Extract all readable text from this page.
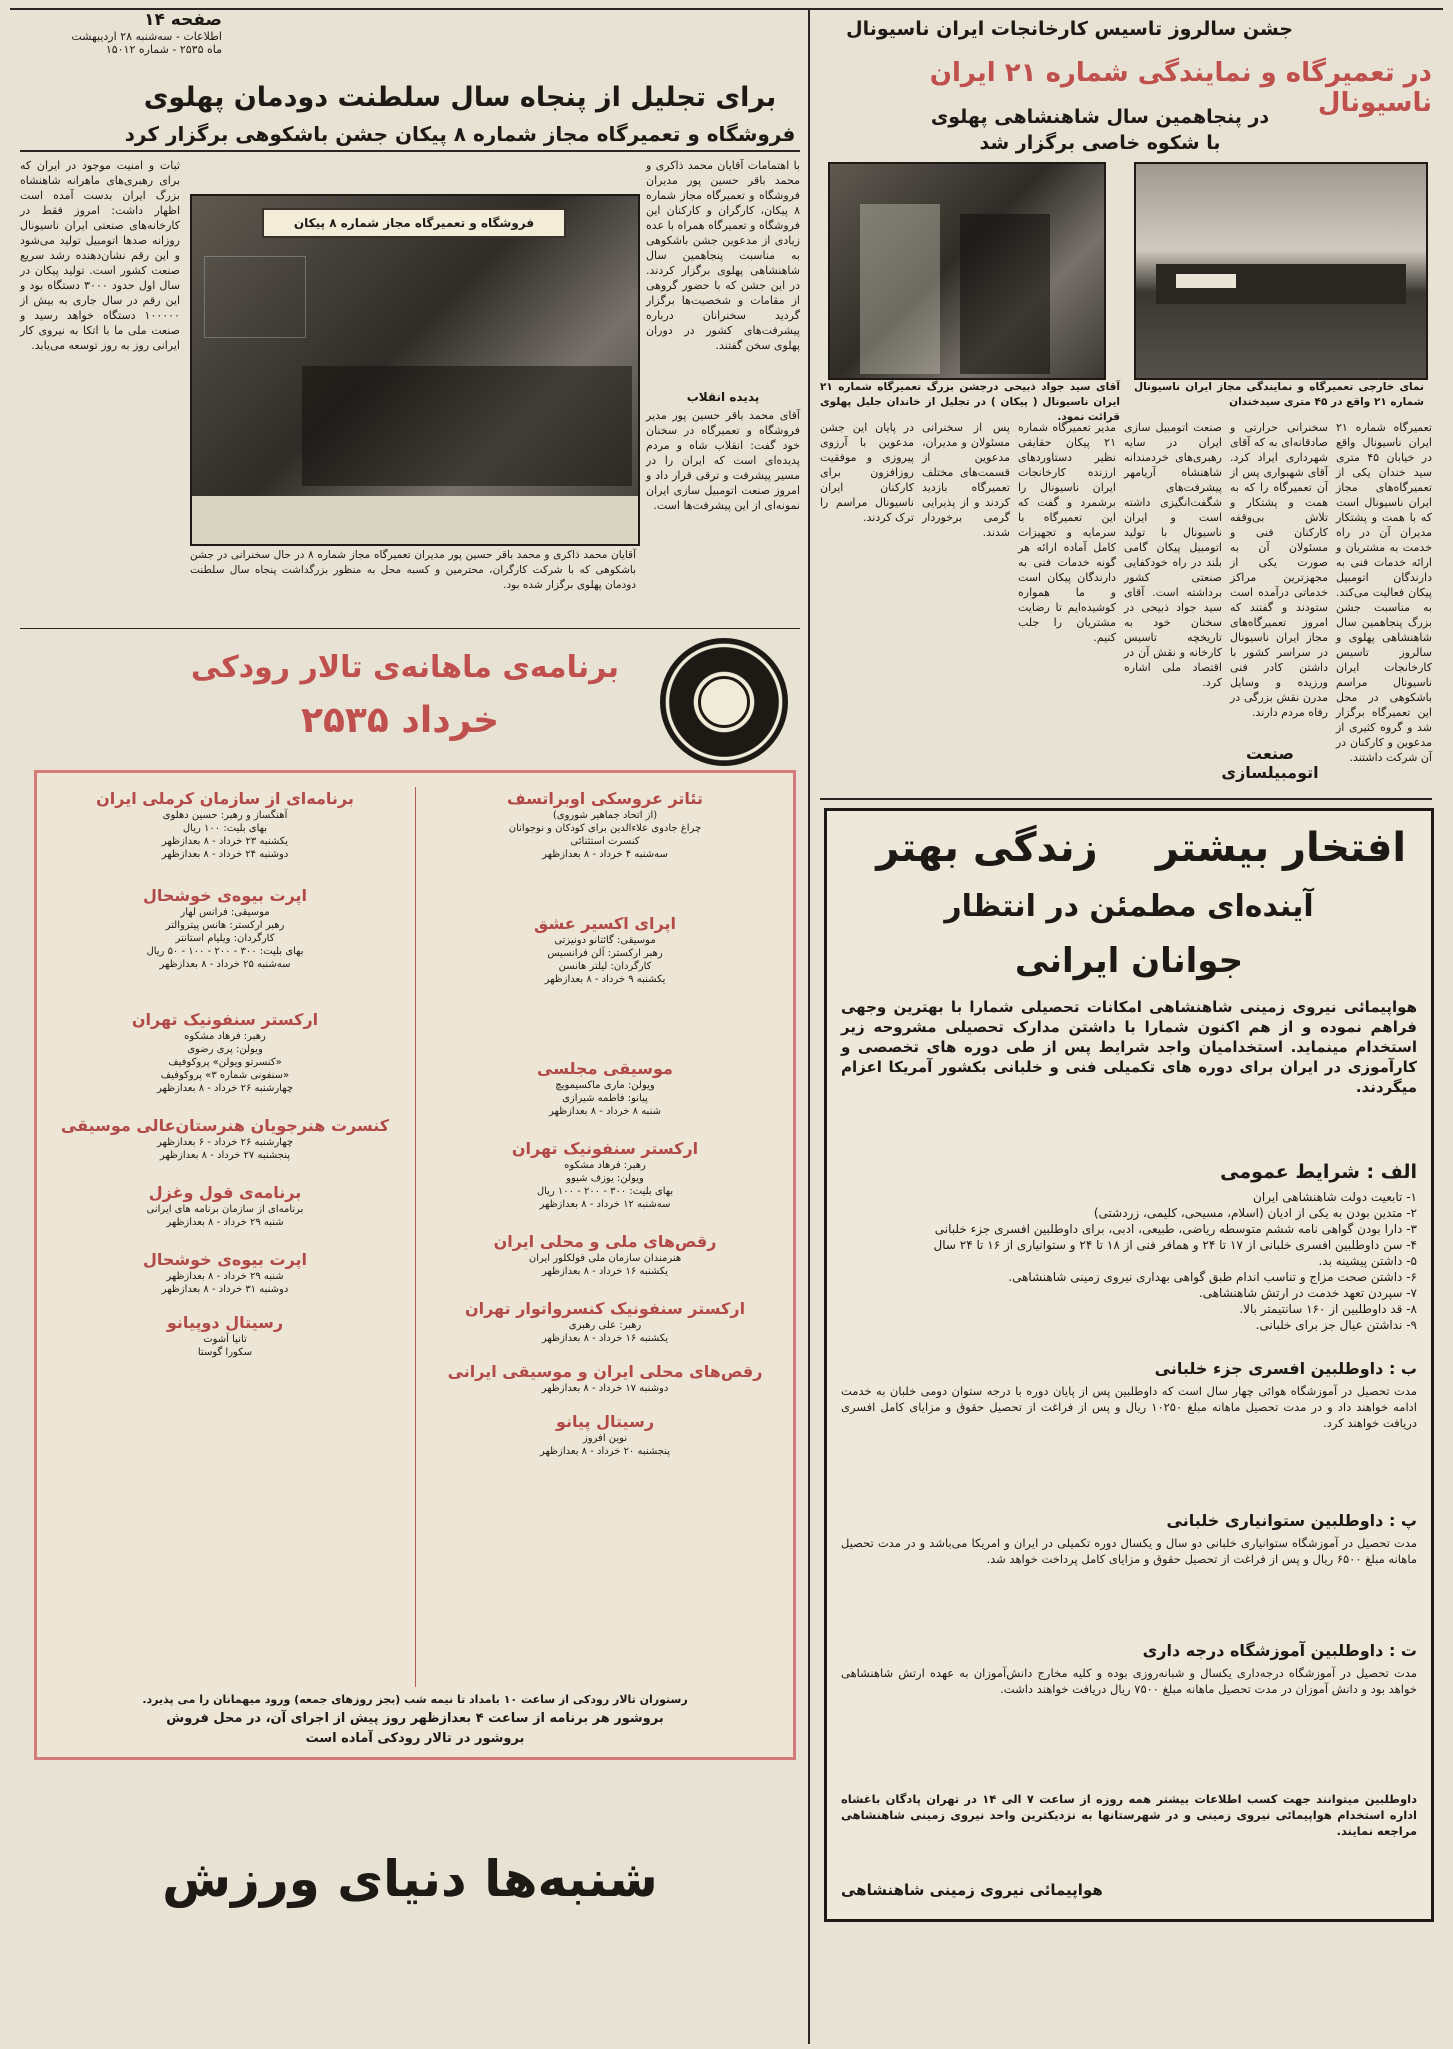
صفحه ۱۴
اطلاعات - سه‌شنبه ۲۸ اردیبهشت
ماه ۲۵۳۵ - شماره ۱۵۰۱۲
برای تجلیل از پنجاه سال سلطنت دودمان پهلوی
فروشگاه و تعمیرگاه مجاز شماره ۸ پیکان جشن باشکوهی برگزار کرد
ثبات و امنیت موجود در ایران که برای رهبری‌های ماهرانه شاهنشاه بزرگ ایران بدست آمده است اظهار داشت: امروز فقط در کارخانه‌های صنعتی ایران ناسیونال روزانه صدها اتومبیل تولید می‌شود و این رقم نشان‌دهنده رشد سریع صنعت کشور است. تولید پیکان در سال اول حدود ۳۰۰۰ دستگاه بود و این رقم در سال جاری به بیش از ۱۰۰۰۰۰ دستگاه خواهد رسید و صنعت ملی ما با اتکا به نیروی کار ایرانی روز به روز توسعه می‌یابد.
فروشگاه و تعمیرگاه مجاز شماره ۸ پیکان
با اهتمامات آقایان محمد ذاکری و محمد باقر حسین پور مدیران فروشگاه و تعمیرگاه مجاز شماره ۸ پیکان، کارگران و کارکنان این فروشگاه و تعمیرگاه همراه با عده زیادی از مدعوین جشن باشکوهی به مناسبت پنجاهمین سال شاهنشاهی پهلوی برگزار کردند. در این جشن که با حضور گروهی از مقامات و شخصیت‌ها برگزار گردید سخنرانان درباره پیشرفت‌های کشور در دوران پهلوی سخن گفتند.
پدیده انقلاب
آقای محمد باقر حسین پور مدیر فروشگاه و تعمیرگاه در سخنان خود گفت: انقلاب شاه و مردم پدیده‌ای است که ایران را در مسیر پیشرفت و ترقی قرار داد و امروز صنعت اتومبیل سازی ایران نمونه‌ای از این پیشرفت‌ها است.
آقایان محمد ذاکری و محمد باقر حسین پور مدیران تعمیرگاه مجاز شماره ۸ در حال سخنرانی در جشن باشکوهی که با شرکت کارگران، محترمین و کسبه محل به منظور بزرگداشت پنجاه سال سلطنت دودمان پهلوی برگزار شده بود.
برنامه‌ی ماهانه‌ی تالار رودکی
خرداد ۲۵۳۵
تئاتر عروسکی اوبراتسف
(از اتحاد جماهیر شوروی)
چراغ جادوی علاءالدین برای کودکان و نوجوانان
کنسرت استثنائی
سه‌شنبه ۴ خرداد - ۸ بعدازظهر
اپرای اکسیر عشق
موسیقی: گائتانو دونیزتی
رهبر ارکستر: آلن فرانسیس
کارگردان: لیلتر هانسن
یکشنبه ۹ خرداد - ۸ بعدازظهر
موسیقی مجلسی
ویولن: ماری ماکسیمویچ
پیانو: فاطمه شیرازی
شنبه ۸ خرداد - ۸ بعدازظهر
ارکستر سنفونیک تهران
رهبر: فرهاد مشکوه
ویولن: یوزف شیوو
بهای بلیت: ۳۰۰ - ۲۰۰ - ۱۰۰ ریال
سه‌شنبه ۱۲ خرداد - ۸ بعدازظهر
رقص‌های ملی و محلی ایران
هنرمندان سازمان ملی فولکلور ایران
یکشنبه ۱۶ خرداد - ۸ بعدازظهر
ارکستر سنفونیک کنسرواتوار تهران
رهبر: علی رهبری
یکشنبه ۱۶ خرداد - ۸ بعدازظهر
رقص‌های محلی ایران و موسیقی ایرانی
دوشنبه ۱۷ خرداد - ۸ بعدازظهر
رسیتال پیانو
نوین افروز
پنجشنبه ۲۰ خرداد - ۸ بعدازظهر
برنامه‌ای از سازمان کرملی ایران
آهنگساز و رهبر: حسین دهلوی
بهای بلیت: ۱۰۰ ریال
یکشنبه ۲۳ خرداد - ۸ بعدازظهر
دوشنبه ۲۴ خرداد - ۸ بعدازظهر
اپرت بیوه‌ی خوشحال
موسیقی: فرانس لهار
رهبر ارکستر: هانس پیتروالتر
کارگردان: ویلیام استانتر
بهای بلیت: ۳۰۰ - ۲۰۰ - ۱۰۰ - ۵۰ ریال
سه‌شنبه ۲۵ خرداد - ۸ بعدازظهر
ارکستر سنفونیک تهران
رهبر: فرهاد مشکوه
ویولن: پری رضوی
«کنسرتو ویولن» پروکوفیف
«سنفونی شماره ۳» پروکوفیف
چهارشنبه ۲۶ خرداد - ۸ بعدازظهر
کنسرت هنرجویان هنرستان‌عالی موسیقی
چهارشنبه ۲۶ خرداد - ۶ بعدازظهر
پنجشنبه ۲۷ خرداد - ۸ بعدازظهر
برنامه‌ی قول وغزل
برنامه‌ای از سازمان برنامه های ایرانی
شنبه ۲۹ خرداد - ۸ بعدازظهر
اپرت بیوه‌ی خوشحال
شنبه ۲۹ خرداد - ۸ بعدازظهر
دوشنبه ۳۱ خرداد - ۸ بعدازظهر
رسیتال دوپیانو
تانیا آشوت
سکورا گوستا
رستوران تالار رودکی از ساعت ۱۰ بامداد تا نیمه شب (بجز روزهای جمعه) ورود میهمانان را می پذیرد.
بروشور هر برنامه از ساعت ۴ بعدازظهر روز پیش از اجرای آن، در محل فروش
بروشور در تالار رودکی آماده است
شنبه‌ها دنیای ورزش
جشن سالروز تاسیس کارخانجات ایران ناسیونال
در تعمیرگاه و نمایندگی شماره ۲۱ ایران ناسیونال
در پنجاهمین سال شاهنشاهی پهلوی
با شکوه خاصی برگزار شد
نمای خارجی تعمیرگاه و نمایندگی مجاز ایران ناسیونال شماره ۲۱ واقع در ۴۵ متری سیدخندان
آقای سید جواد ذبیحی درجشن بزرگ تعمیرگاه شماره ۲۱ ایران ناسیونال ( پیکان ) در تجلیل از خاندان جلیل پهلوی قرائت نمود.
تعمیرگاه شماره ۲۱ ایران ناسیونال واقع در خیابان ۴۵ متری سید خندان یکی از تعمیرگاه‌های مجاز ایران ناسیونال است که با همت و پشتکار مدیران آن در راه خدمت به مشتریان و ارائه خدمات فنی به دارندگان اتومبیل پیکان فعالیت می‌کند. به مناسبت جشن بزرگ پنجاهمین سال شاهنشاهی پهلوی و سالروز تاسیس کارخانجات ایران ناسیونال مراسم باشکوهی در محل این تعمیرگاه برگزار شد و گروه کثیری از مدعوین و کارکنان در آن شرکت داشتند.
سخنرانی حرارتی و صادقانه‌ای به که آقای شهرداری ایراد کرد. آقای شهبواری پس از آن تعمیرگاه را که به همت و پشتکار و تلاش بی‌وقفه کارکنان فنی و مسئولان آن به صورت یکی از مجهزترین مراکز خدماتی درآمده است ستودند و گفتند که امروز تعمیرگاه‌های مجاز ایران ناسیونال در سراسر کشور با داشتن کادر فنی ورزیده و وسایل مدرن نقش بزرگی در رفاه مردم دارند.
صنعت اتومبیل سازی ایران در سایه رهبری‌های خردمندانه شاهنشاه آریامهر پیشرفت‌های شگفت‌انگیزی داشته است و ایران ناسیونال با تولید اتومبیل پیکان گامی بلند در راه خودکفایی صنعتی کشور برداشته است. آقای سید جواد ذبیحی در سخنان خود به تاریخچه تاسیس کارخانه و نقش آن در اقتصاد ملی اشاره کرد.
مدیر تعمیرگاه شماره ۲۱ پیکان حقایقی نظیر دستاوردهای ارزنده کارخانجات ایران ناسیونال را برشمرد و گفت که این تعمیرگاه با سرمایه و تجهیزات کامل آماده ارائه هر گونه خدمات فنی به دارندگان پیکان است و ما همواره کوشیده‌ایم تا رضایت مشتریان را جلب کنیم.
پس از سخنرانی مسئولان و مدیران، مدعوین از قسمت‌های مختلف تعمیرگاه بازدید کردند و از پذیرایی گرمی برخوردار شدند.
در پایان این جشن مدعوین با آرزوی پیروزی و موفقیت روزافزون برای کارکنان ایران ناسیونال مراسم را ترک کردند.
صنعت اتومبیلسازی
افتخار بیشتر
زندگی بهتر
آینده‌ای مطمئن در انتظار
جوانان ایرانی
هواپیمائی نیروی زمینی شاهنشاهی امکانات تحصیلی شمارا با بهترین وجهی فراهم نموده و از هم اکنون شمارا با داشتن مدارک تحصیلی مشروحه زیر استخدام مینماید. استخدامیان واجد شرایط پس از طی دوره های تخصصی و کارآموزی در ایران برای دوره های تکمیلی فنی و خلبانی بکشور آمریکا اعزام میگردند.
الف : شرایط عمومی
۱- تابعیت دولت شاهنشاهی ایران
۲- متدین بودن به یکی از ادیان (اسلام، مسیحی، کلیمی، زردشتی)
۳- دارا بودن گواهی نامه ششم متوسطه ریاضی، طبیعی، ادبی، برای داوطلبین افسری جزء خلبانی
۴- سن داوطلبین افسری خلبانی از ۱۷ تا ۲۴ و همافر فنی از ۱۸ تا ۲۴ و ستوانیاری از ۱۶ تا ۲۴ سال
۵- داشتن پیشینه بد.
۶- داشتن صحت مزاج و تناسب اندام طبق گواهی بهداری نیروی زمینی شاهنشاهی.
۷- سپردن تعهد خدمت در ارتش شاهنشاهی.
۸- قد داوطلبین از ۱۶۰ سانتیمتر بالا.
۹- نداشتن عیال جز برای خلبانی.
ب : داوطلبین افسری جزء خلبانی
مدت تحصیل در آموزشگاه هوائی چهار سال است که داوطلبین پس از پایان دوره با درجه ستوان دومی خلبان به خدمت ادامه خواهند داد و در مدت تحصیل ماهانه مبلغ ۱۰۲۵۰ ریال و پس از فراغت از تحصیل حقوق و مزایای کامل افسری دریافت خواهند کرد.
پ : داوطلبین ستوانیاری خلبانی
مدت تحصیل در آموزشگاه ستوانیاری خلبانی دو سال و یکسال دوره تکمیلی در ایران و امریکا می‌باشد و در مدت تحصیل ماهانه مبلغ ۶۵۰۰ ریال و پس از فراغت از تحصیل حقوق و مزایای کامل پرداخت خواهد شد.
ت : داوطلبین آموزشگاه درجه داری
مدت تحصیل در آموزشگاه درجه‌داری یکسال و شبانه‌روزی بوده و کلیه مخارج دانش‌آموزان به عهده ارتش شاهنشاهی خواهد بود و دانش آموزان در مدت تحصیل ماهانه مبلغ ۷۵۰۰ ریال دریافت خواهند داشت.
داوطلبین میتوانند جهت کسب اطلاعات بیشتر همه روزه از ساعت ۷ الی ۱۴ در تهران پادگان باغشاه اداره استخدام هواپیمائی نیروی زمینی و در شهرستانها به نزدیکترین واحد نیروی زمینی شاهنشاهی مراجعه نمایند.
هواپیمائی نیروی زمینی شاهنشاهی
